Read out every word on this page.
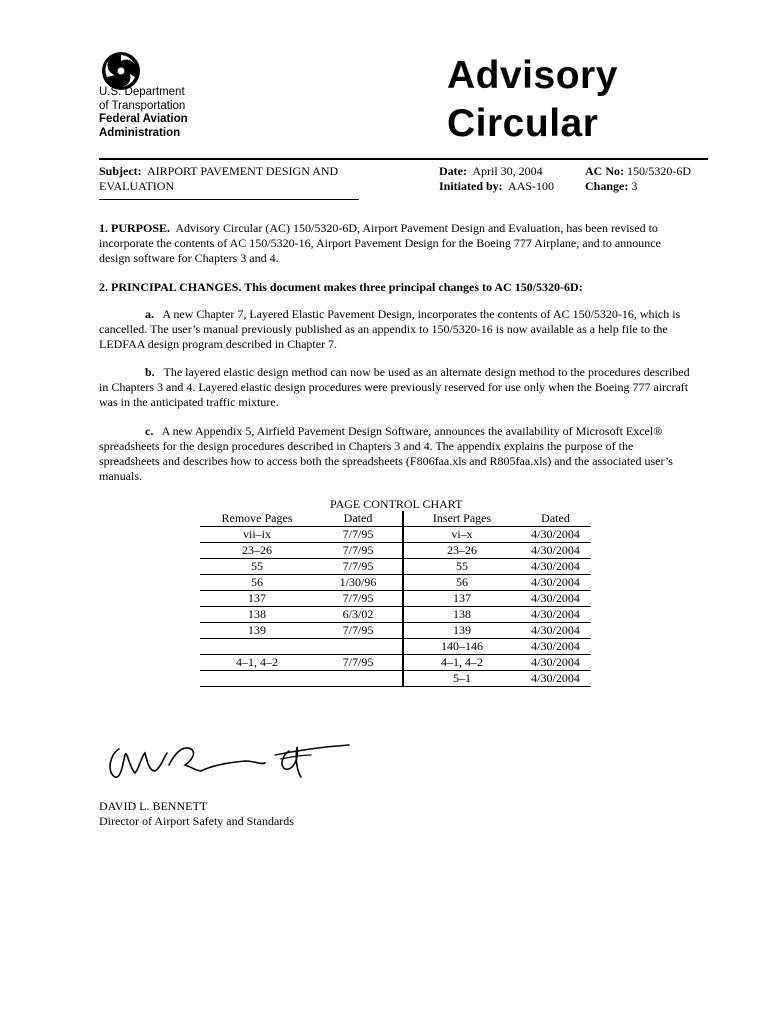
U.S. Department
of Transportation
Federal Aviation
Administration
Advisory
Circular
Subject: AIRPORT PAVEMENT DESIGN AND
EVALUATION
Date: April 30, 2004
Initiated by: AAS-100
AC No: 150/5320-6D
Change: 3
1. PURPOSE. Advisory Circular (AC) 150/5320-6D, Airport Pavement Design and Evaluation, has been revised to incorporate the contents of AC 150/5320-16, Airport Pavement Design for the Boeing 777 Airplane, and to announce design software for Chapters 3 and 4.
2. PRINCIPAL CHANGES. This document makes three principal changes to AC 150/5320-6D:
a. A new Chapter 7, Layered Elastic Pavement Design, incorporates the contents of AC 150/5320-16, which is cancelled. The user’s manual previously published as an appendix to 150/5320-16 is now available as a help file to the LEDFAA design program described in Chapter 7.
b. The layered elastic design method can now be used as an alternate design method to the procedures described in Chapters 3 and 4. Layered elastic design procedures were previously reserved for use only when the Boeing 777 aircraft was in the anticipated traffic mixture.
c. A new Appendix 5, Airfield Pavement Design Software, announces the availability of Microsoft Excel® spreadsheets for the design procedures described in Chapters 3 and 4. The appendix explains the purpose of the spreadsheets and describes how to access both the spreadsheets (F806faa.xls and R805faa.xls) and the associated user’s manuals.
PAGE CONTROL CHART
Remove Pages	Dated	Insert Pages	Dated
vii–ix	7/7/95	vi–x	4/30/2004
23–26	7/7/95	23–26	4/30/2004
55	7/7/95	55	4/30/2004
56	1/30/96	56	4/30/2004
137	7/7/95	137	4/30/2004
138	6/3/02	138	4/30/2004
139	7/7/95	139	4/30/2004
		140–146	4/30/2004
4–1, 4–2	7/7/95	4–1, 4–2	4/30/2004
		5–1	4/30/2004
DAVID L. BENNETT
Director of Airport Safety and Standards
